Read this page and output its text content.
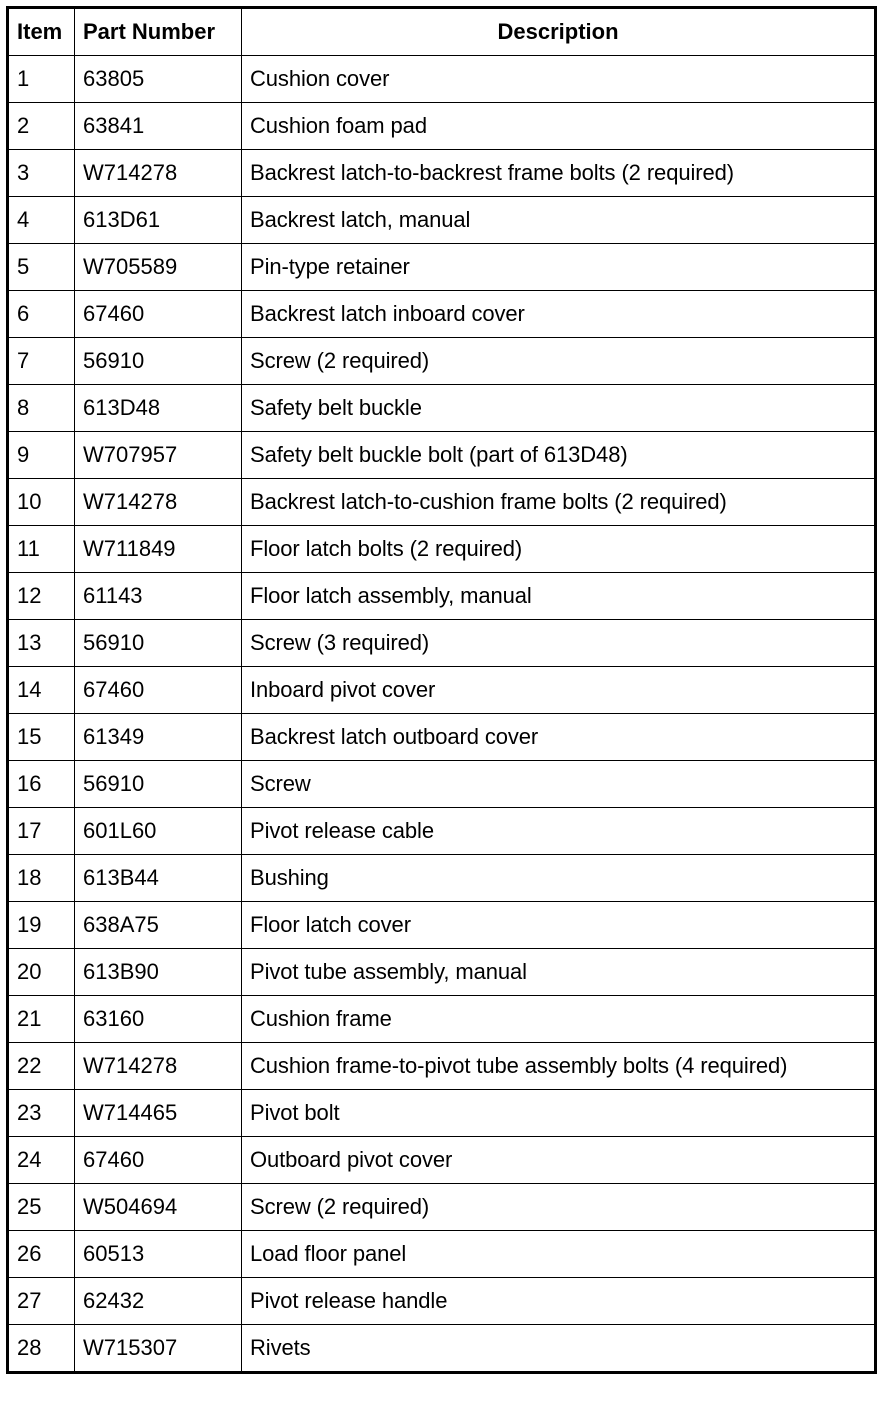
Item	Part Number	Description
1	63805	Cushion cover
2	63841	Cushion foam pad
3	W714278	Backrest latch-to-backrest frame bolts (2 required)
4	613D61	Backrest latch, manual
5	W705589	Pin-type retainer
6	67460	Backrest latch inboard cover
7	56910	Screw (2 required)
8	613D48	Safety belt buckle
9	W707957	Safety belt buckle bolt (part of 613D48)
10	W714278	Backrest latch-to-cushion frame bolts (2 required)
11	W711849	Floor latch bolts (2 required)
12	61143	Floor latch assembly, manual
13	56910	Screw (3 required)
14	67460	Inboard pivot cover
15	61349	Backrest latch outboard cover
16	56910	Screw
17	601L60	Pivot release cable
18	613B44	Bushing
19	638A75	Floor latch cover
20	613B90	Pivot tube assembly, manual
21	63160	Cushion frame
22	W714278	Cushion frame-to-pivot tube assembly bolts (4 required)
23	W714465	Pivot bolt
24	67460	Outboard pivot cover
25	W504694	Screw (2 required)
26	60513	Load floor panel
27	62432	Pivot release handle
28	W715307	Rivets
